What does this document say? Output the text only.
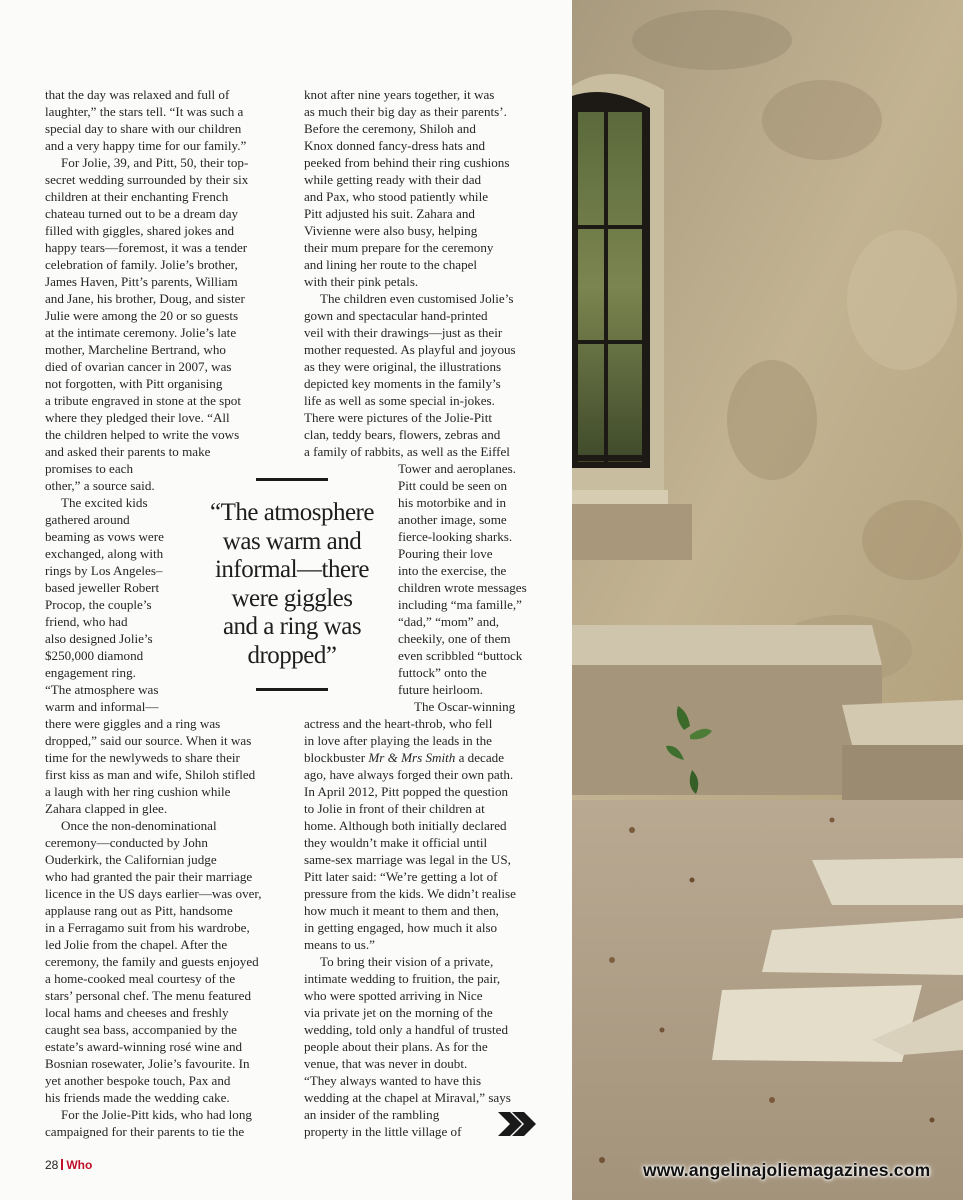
that the day was relaxed and full of
laughter,” the stars tell. “It was such a
special day to share with our children
and a very happy time for our family.”
For Jolie, 39, and Pitt, 50, their top-
secret wedding surrounded by their six
children at their enchanting French
chateau turned out to be a dream day
filled with giggles, shared jokes and
happy tears—foremost, it was a tender
celebration of family. Jolie’s brother,
James Haven, Pitt’s parents, William
and Jane, his brother, Doug, and sister
Julie were among the 20 or so guests
at the intimate ceremony. Jolie’s late
mother, Marcheline Bertrand, who
died of ovarian cancer in 2007, was
not forgotten, with Pitt organising
a tribute engraved in stone at the spot
where they pledged their love. “All
the children helped to write the vows
and asked their parents to make
promises to each
other,” a source said.
The excited kids
gathered around
beaming as vows were
exchanged, along with
rings by Los Angeles–
based jeweller Robert
Procop, the couple’s
friend, who had
also designed Jolie’s
$250,000 diamond
engagement ring.
“The atmosphere was
warm and informal—
there were giggles and a ring was
dropped,” said our source. When it was
time for the newlyweds to share their
first kiss as man and wife, Shiloh stifled
a laugh with her ring cushion while
Zahara clapped in glee.
Once the non-denominational
ceremony—conducted by John
Ouderkirk, the Californian judge
who had granted the pair their marriage
licence in the US days earlier—was over,
applause rang out as Pitt, handsome
in a Ferragamo suit from his wardrobe,
led Jolie from the chapel. After the
ceremony, the family and guests enjoyed
a home-cooked meal courtesy of the
stars’ personal chef. The menu featured
local hams and cheeses and freshly
caught sea bass, accompanied by the
estate’s award-winning rosé wine and
Bosnian rosewater, Jolie’s favourite. In
yet another bespoke touch, Pax and
his friends made the wedding cake.
For the Jolie-Pitt kids, who had long
campaigned for their parents to tie the
“The atmosphere
was warm and
informal—there
were giggles
and a ring was
dropped”
knot after nine years together, it was
as much their big day as their parents’.
Before the ceremony, Shiloh and
Knox donned fancy-dress hats and
peeked from behind their ring cushions
while getting ready with their dad
and Pax, who stood patiently while
Pitt adjusted his suit. Zahara and
Vivienne were also busy, helping
their mum prepare for the ceremony
and lining her route to the chapel
with their pink petals.
The children even customised Jolie’s
gown and spectacular hand-printed
veil with their drawings—just as their
mother requested. As playful and joyous
as they were original, the illustrations
depicted key moments in the family’s
life as well as some special in-jokes.
There were pictures of the Jolie-Pitt
clan, teddy bears, flowers, zebras and
a family of rabbits, as well as the Eiffel
Tower and aeroplanes.
Pitt could be seen on
his motorbike and in
another image, some
fierce-looking sharks.
Pouring their love
into the exercise, the
children wrote messages
including “ma famille,”
“dad,” “mom” and,
cheekily, one of them
even scribbled “buttock
futtock” onto the
future heirloom.
The Oscar-winning
actress and the heart-throb, who fell
in love after playing the leads in the
blockbuster Mr & Mrs Smith a decade
ago, have always forged their own path.
In April 2012, Pitt popped the question
to Jolie in front of their children at
home. Although both initially declared
they wouldn’t make it official until
same-sex marriage was legal in the US,
Pitt later said: “We’re getting a lot of
pressure from the kids. We didn’t realise
how much it meant to them and then,
in getting engaged, how much it also
means to us.”
To bring their vision of a private,
intimate wedding to fruition, the pair,
who were spotted arriving in Nice
via private jet on the morning of the
wedding, told only a handful of trusted
people about their plans. As for the
venue, that was never in doubt.
“They always wanted to have this
wedding at the chapel at Miraval,” says
an insider of the rambling
property in the little village of
28 Who	www.angelinajoliemagazines.com
